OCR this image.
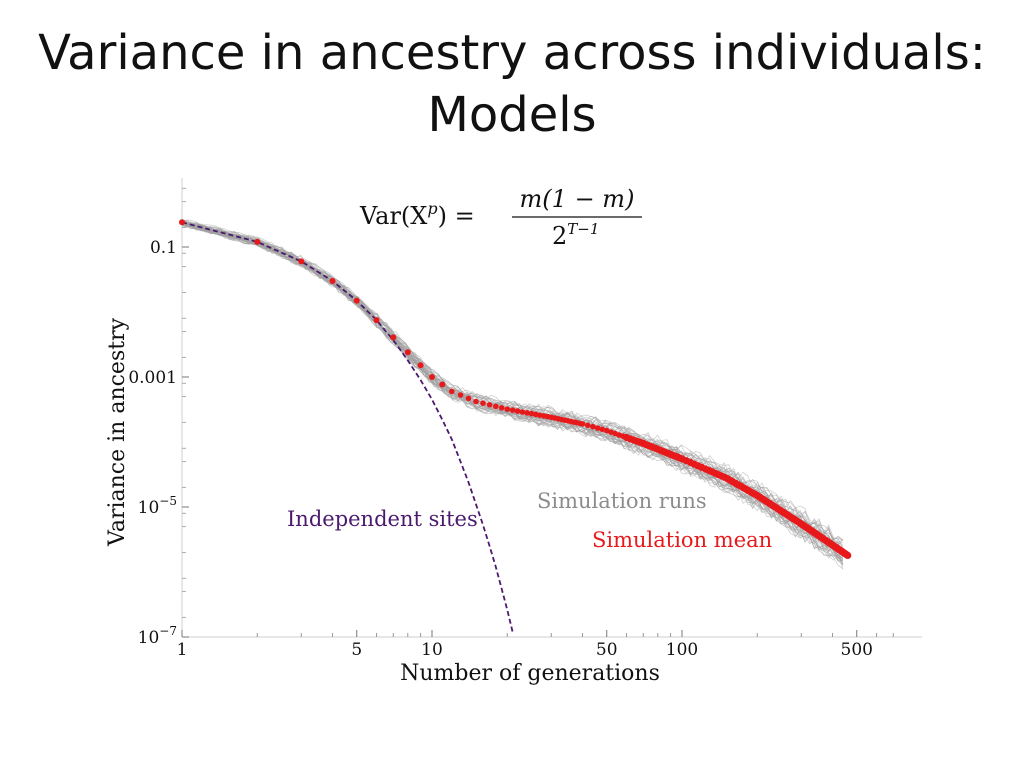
Variance in ancestry across individuals:
Models
$Var(X^p)$ =
m(1 − m)
$2^{T-1}$
1	5	10	50	100	500
0.1
0.001
$10^{-5}$
$10^{-7}$
Number of generations
Variance in ancestry	Independent sites
Simulation runs
Simulation mean
